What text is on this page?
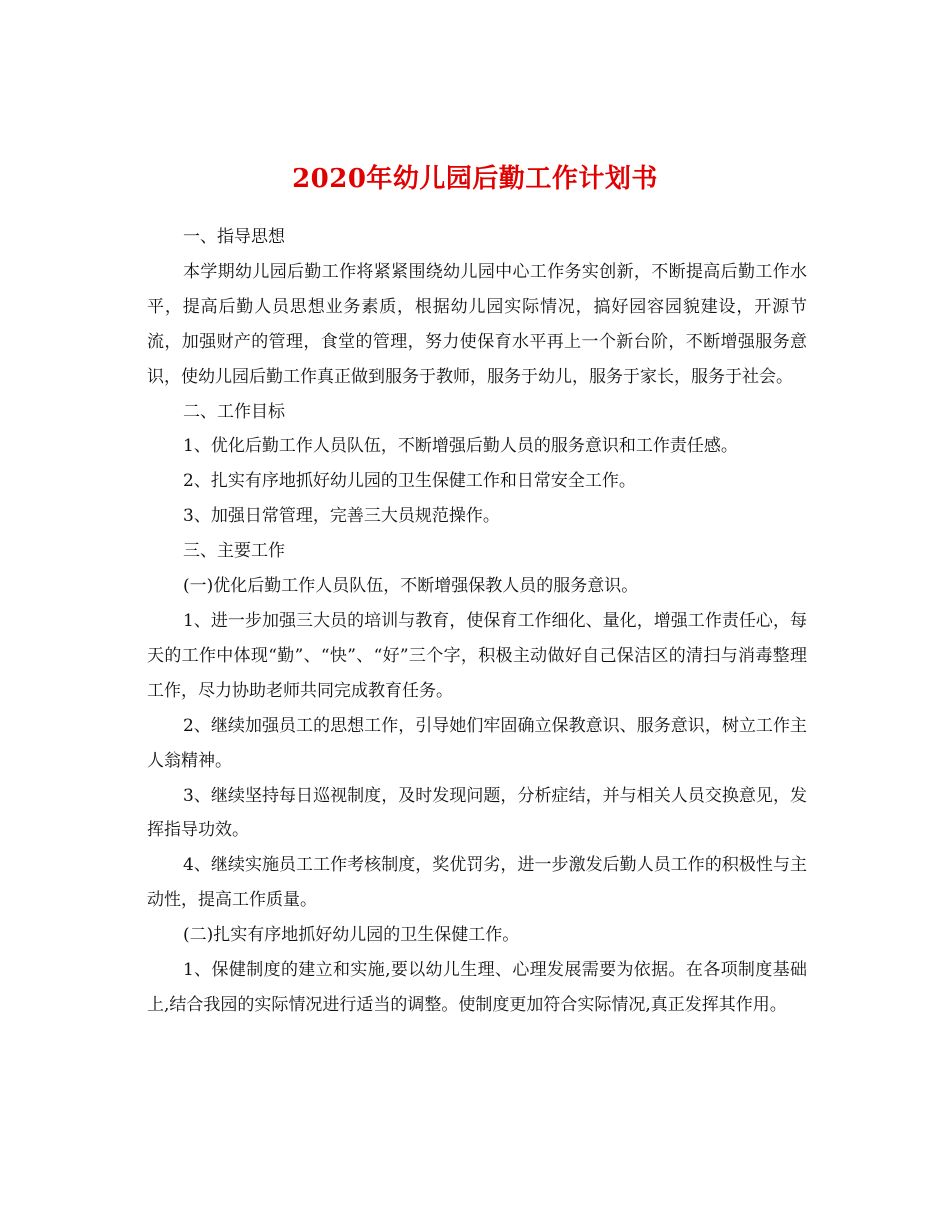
2020年幼儿园后勤工作计划书

一、指导思想

本学期幼儿园后勤工作将紧紧围绕幼儿园中心工作务实创新，不断提高后勤工作水平，提高后勤人员思想业务素质，根据幼儿园实际情况，搞好园容园貌建设，开源节流，加强财产的管理，食堂的管理，努力使保育水平再上一个新台阶，不断增强服务意识，使幼儿园后勤工作真正做到服务于教师，服务于幼儿，服务于家长，服务于社会。

二、工作目标

1、优化后勤工作人员队伍，不断增强后勤人员的服务意识和工作责任感。

2、扎实有序地抓好幼儿园的卫生保健工作和日常安全工作。

3、加强日常管理，完善三大员规范操作。

三、主要工作

(一)优化后勤工作人员队伍，不断增强保教人员的服务意识。

1、进一步加强三大员的培训与教育，使保育工作细化、量化，增强工作责任心，每天的工作中体现“勤”、“快”、“好”三个字，积极主动做好自己保洁区的清扫与消毒整理工作，尽力协助老师共同完成教育任务。

2、继续加强员工的思想工作，引导她们牢固确立保教意识、服务意识，树立工作主人翁精神。

3、继续坚持每日巡视制度，及时发现问题，分析症结，并与相关人员交换意见，发挥指导功效。

4、继续实施员工工作考核制度，奖优罚劣，进一步激发后勤人员工作的积极性与主动性，提高工作质量。

(二)扎实有序地抓好幼儿园的卫生保健工作。

1、保健制度的建立和实施,要以幼儿生理、心理发展需要为依据。在各项制度基础上,结合我园的实际情况进行适当的调整。使制度更加符合实际情况,真正发挥其作用。
